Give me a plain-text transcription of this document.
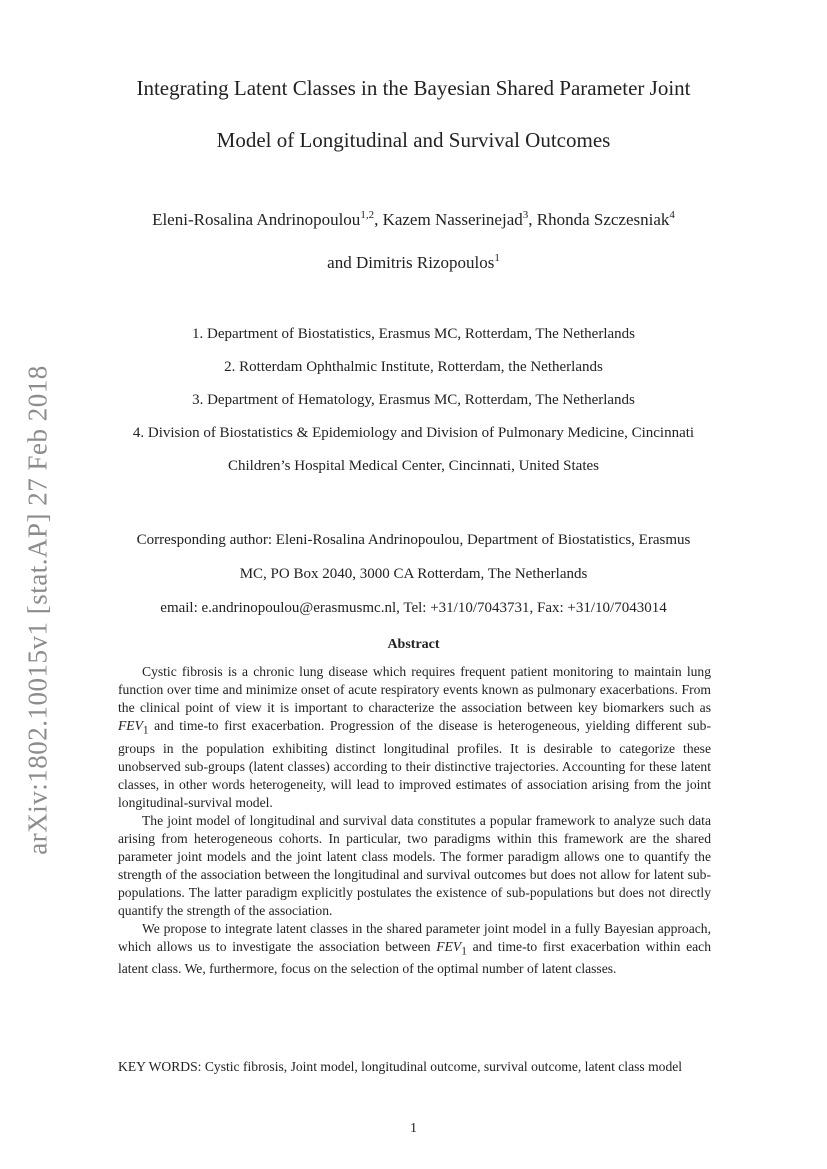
arXiv:1802.10015v1 [stat.AP] 27 Feb 2018
Integrating Latent Classes in the Bayesian Shared Parameter Joint
Model of Longitudinal and Survival Outcomes
Eleni-Rosalina Andrinopoulou$^{1,2}$, Kazem Nasserinejad$^3$, Rhonda Szczesniak$^4$
and Dimitris Rizopoulos$^1$
1. Department of Biostatistics, Erasmus MC, Rotterdam, The Netherlands
2. Rotterdam Ophthalmic Institute, Rotterdam, the Netherlands
3. Department of Hematology, Erasmus MC, Rotterdam, The Netherlands
4. Division of Biostatistics & Epidemiology and Division of Pulmonary Medicine, Cincinnati
Children’s Hospital Medical Center, Cincinnati, United States
Corresponding author: Eleni-Rosalina Andrinopoulou, Department of Biostatistics, Erasmus
MC, PO Box 2040, 3000 CA Rotterdam, The Netherlands
email: e.andrinopoulou@erasmusmc.nl, Tel: +31/10/7043731, Fax: +31/10/7043014
Abstract

Cystic fibrosis is a chronic lung disease which requires frequent patient monitoring to maintain lung function over time and minimize onset of acute respiratory events known as pulmonary exacerbations. From the clinical point of view it is important to characterize the association between key biomarkers such as $FEV_1$ and time-to first exacerbation. Progression of the disease is heterogeneous, yielding different sub-groups in the population exhibiting distinct longitudinal profiles. It is desirable to categorize these unobserved sub-groups (latent classes) according to their distinctive trajectories. Accounting for these latent classes, in other words heterogeneity, will lead to improved estimates of association arising from the joint longitudinal-survival model.

The joint model of longitudinal and survival data constitutes a popular framework to analyze such data arising from heterogeneous cohorts. In particular, two paradigms within this framework are the shared parameter joint models and the joint latent class models. The former paradigm allows one to quantify the strength of the association between the longitudinal and survival outcomes but does not allow for latent sub-populations. The latter paradigm explicitly postulates the existence of sub-populations but does not directly quantify the strength of the association.

We propose to integrate latent classes in the shared parameter joint model in a fully Bayesian approach, which allows us to investigate the association between $FEV_1$ and time-to first exacerbation within each latent class. We, furthermore, focus on the selection of the optimal number of latent classes.

KEY WORDS: Cystic fibrosis, Joint model, longitudinal outcome, survival outcome, latent class model
1
